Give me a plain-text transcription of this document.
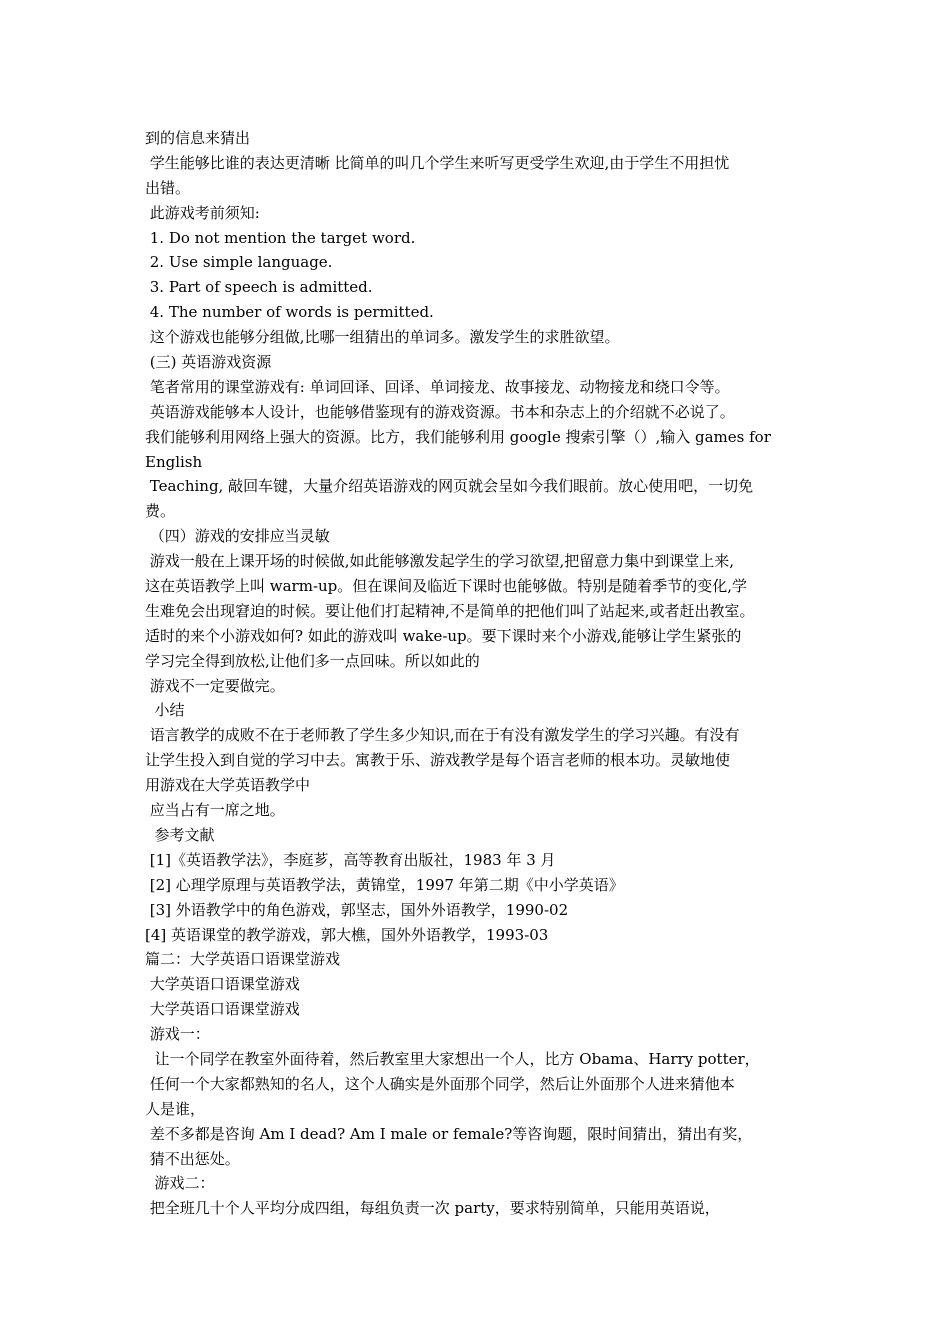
到的信息来猜出
学生能够比谁的表达更清晰 比简单的叫几个学生来听写更受学生欢迎,由于学生不用担忧
出错。
此游戏考前须知:
1. Do not mention the target word.
2. Use simple language.
3. Part of speech is admitted.
4. The number of words is permitted.
这个游戏也能够分组做,比哪一组猜出的单词多。激发学生的求胜欲望。
(三) 英语游戏资源
笔者常用的课堂游戏有: 单词回译、回译、单词接龙、故事接龙、动物接龙和绕口令等。
英语游戏能够本人设计，也能够借鉴现有的游戏资源。书本和杂志上的介绍就不必说了。
我们能够利用网络上强大的资源。比方，我们能够利用 google 搜索引擎（）,输入 games for
English
Teaching, 敲回车键，大量介绍英语游戏的网页就会呈如今我们眼前。放心使用吧，一切免
费。
（四）游戏的安排应当灵敏
游戏一般在上课开场的时候做,如此能够激发起学生的学习欲望,把留意力集中到课堂上来,
这在英语教学上叫 warm-up。但在课间及临近下课时也能够做。特别是随着季节的变化,学
生难免会出现窘迫的时候。要让他们打起精神,不是简单的把他们叫了站起来,或者赶出教室。
适时的来个小游戏如何? 如此的游戏叫 wake-up。要下课时来个小游戏,能够让学生紧张的
学习完全得到放松,让他们多一点回味。所以如此的
游戏不一定要做完。
小结
语言教学的成败不在于老师教了学生多少知识,而在于有没有激发学生的学习兴趣。有没有
让学生投入到自觉的学习中去。寓教于乐、游戏教学是每个语言老师的根本功。灵敏地使
用游戏在大学英语教学中
应当占有一席之地。
参考文献
[1]《英语教学法》，李庭芗，高等教育出版社，1983 年 3 月
[2] 心理学原理与英语教学法，黄锦堂，1997 年第二期《中小学英语》
[3] 外语教学中的角色游戏，郭坚志，国外外语教学，1990-02
[4] 英语课堂的教学游戏，郭大樵，国外外语教学，1993-03
篇二：大学英语口语课堂游戏
大学英语口语课堂游戏
大学英语口语课堂游戏
游戏一：
让一个同学在教室外面待着，然后教室里大家想出一个人，比方 Obama、Harry potter，
任何一个大家都熟知的名人，这个人确实是外面那个同学，然后让外面那个人进来猜他本
人是谁，
差不多都是咨询 Am I dead? Am I male or female?等咨询题，限时间猜出，猜出有奖，
猜不出惩处。
游戏二：
把全班几十个人平均分成四组，每组负责一次 party，要求特别简单，只能用英语说，
